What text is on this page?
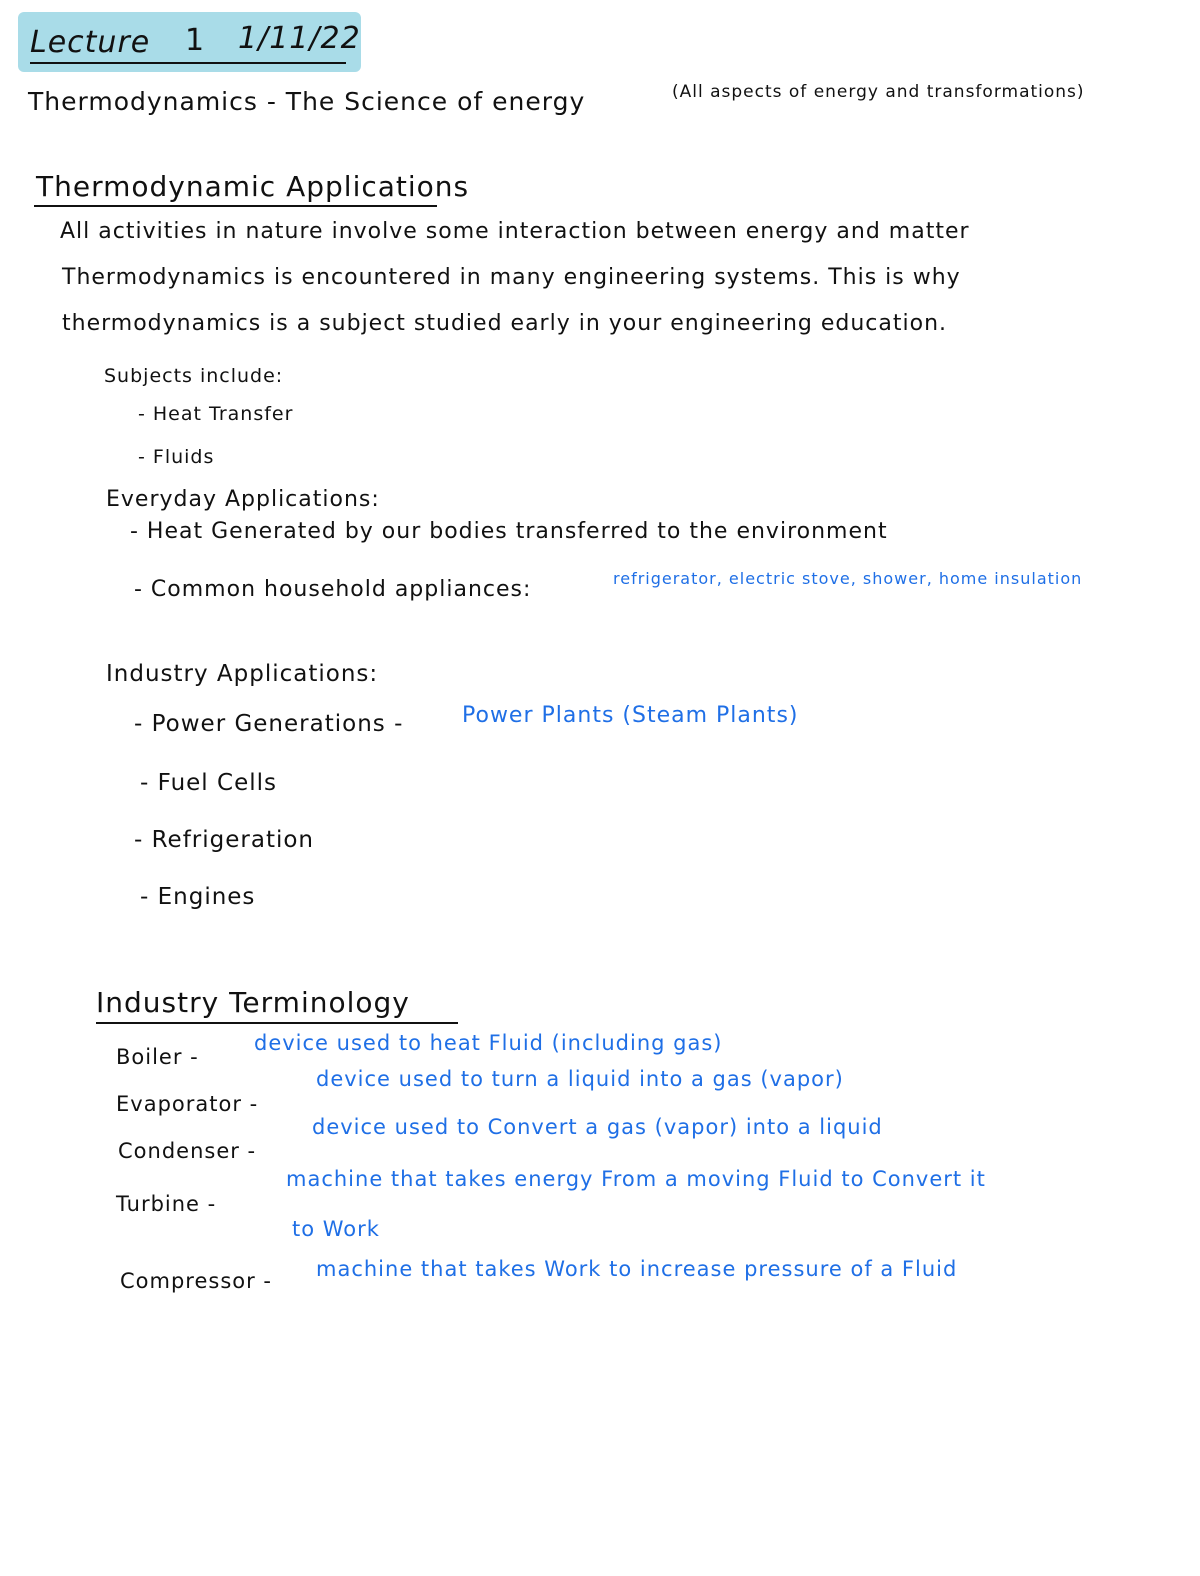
Lecture 1 1/11/22
Thermodynamics - The Science of energy	(All aspects of energy and transformations)
Thermodynamic Applications
All activities in nature involve some interaction between energy and matter
Thermodynamics is encountered in many engineering systems. This is why
thermodynamics is a subject studied early in your engineering education.
Subjects include:
- Heat Transfer
- Fluids
Everyday Applications:
- Heat Generated by our bodies transferred to the environment
- Common household appliances:	refrigerator, electric stove, shower, home insulation
Industry Applications:
- Power Generations -	Power Plants (Steam Plants)
- Fuel Cells
- Refrigeration
- Engines
Industry Terminology
Boiler -
device used to heat Fluid (including gas)
Evaporator -
device used to turn a liquid into a gas (vapor)
Condenser -
device used to Convert a gas (vapor) into a liquid
Turbine -
machine that takes energy From a moving Fluid to Convert it
to Work
Compressor - machine that takes Work to increase pressure of a Fluid
